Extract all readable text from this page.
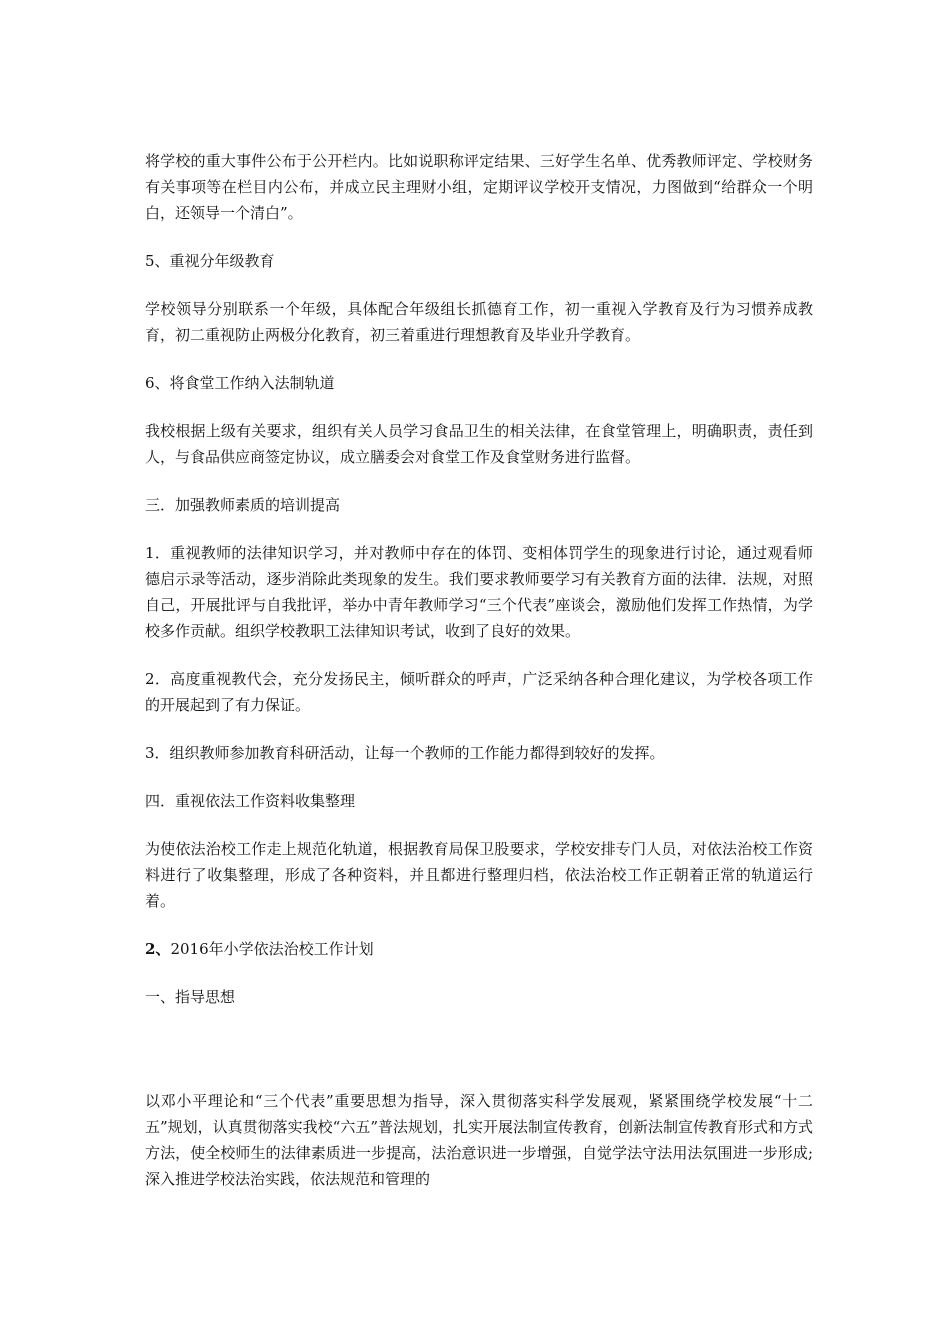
将学校的重大事件公布于公开栏内。比如说职称评定结果、三好学生名单、优秀教师评定、学校财务有关事项等在栏目内公布，并成立民主理财小组，定期评议学校开支情况，力图做到“给群众一个明白，还领导一个清白”。

5、重视分年级教育

学校领导分别联系一个年级，具体配合年级组长抓德育工作，初一重视入学教育及行为习惯养成教育，初二重视防止两极分化教育，初三着重进行理想教育及毕业升学教育。

6、将食堂工作纳入法制轨道

我校根据上级有关要求，组织有关人员学习食品卫生的相关法律，在食堂管理上，明确职责，责任到人，与食品供应商签定协议，成立膳委会对食堂工作及食堂财务进行监督。

三．加强教师素质的培训提高

1．重视教师的法律知识学习，并对教师中存在的体罚、变相体罚学生的现象进行讨论，通过观看师德启示录等活动，逐步消除此类现象的发生。我们要求教师要学习有关教育方面的法律．法规，对照自己，开展批评与自我批评，举办中青年教师学习“三个代表”座谈会，激励他们发挥工作热情，为学校多作贡献。组织学校教职工法律知识考试，收到了良好的效果。

2．高度重视教代会，充分发扬民主，倾听群众的呼声，广泛采纳各种合理化建议，为学校各项工作的开展起到了有力保证。

3．组织教师参加教育科研活动，让每一个教师的工作能力都得到较好的发挥。

四．重视依法工作资料收集整理

为使依法治校工作走上规范化轨道，根据教育局保卫股要求，学校安排专门人员，对依法治校工作资料进行了收集整理，形成了各种资料，并且都进行整理归档，依法治校工作正朝着正常的轨道运行着。

2、2016年小学依法治校工作计划

一、指导思想

以邓小平理论和“三个代表”重要思想为指导，深入贯彻落实科学发展观，紧紧围绕学校发展“十二五”规划，认真贯彻落实我校“六五”普法规划，扎实开展法制宣传教育，创新法制宣传教育形式和方式方法，使全校师生的法律素质进一步提高，法治意识进一步增强，自觉学法守法用法氛围进一步形成;深入推进学校法治实践，依法规范和管理的
